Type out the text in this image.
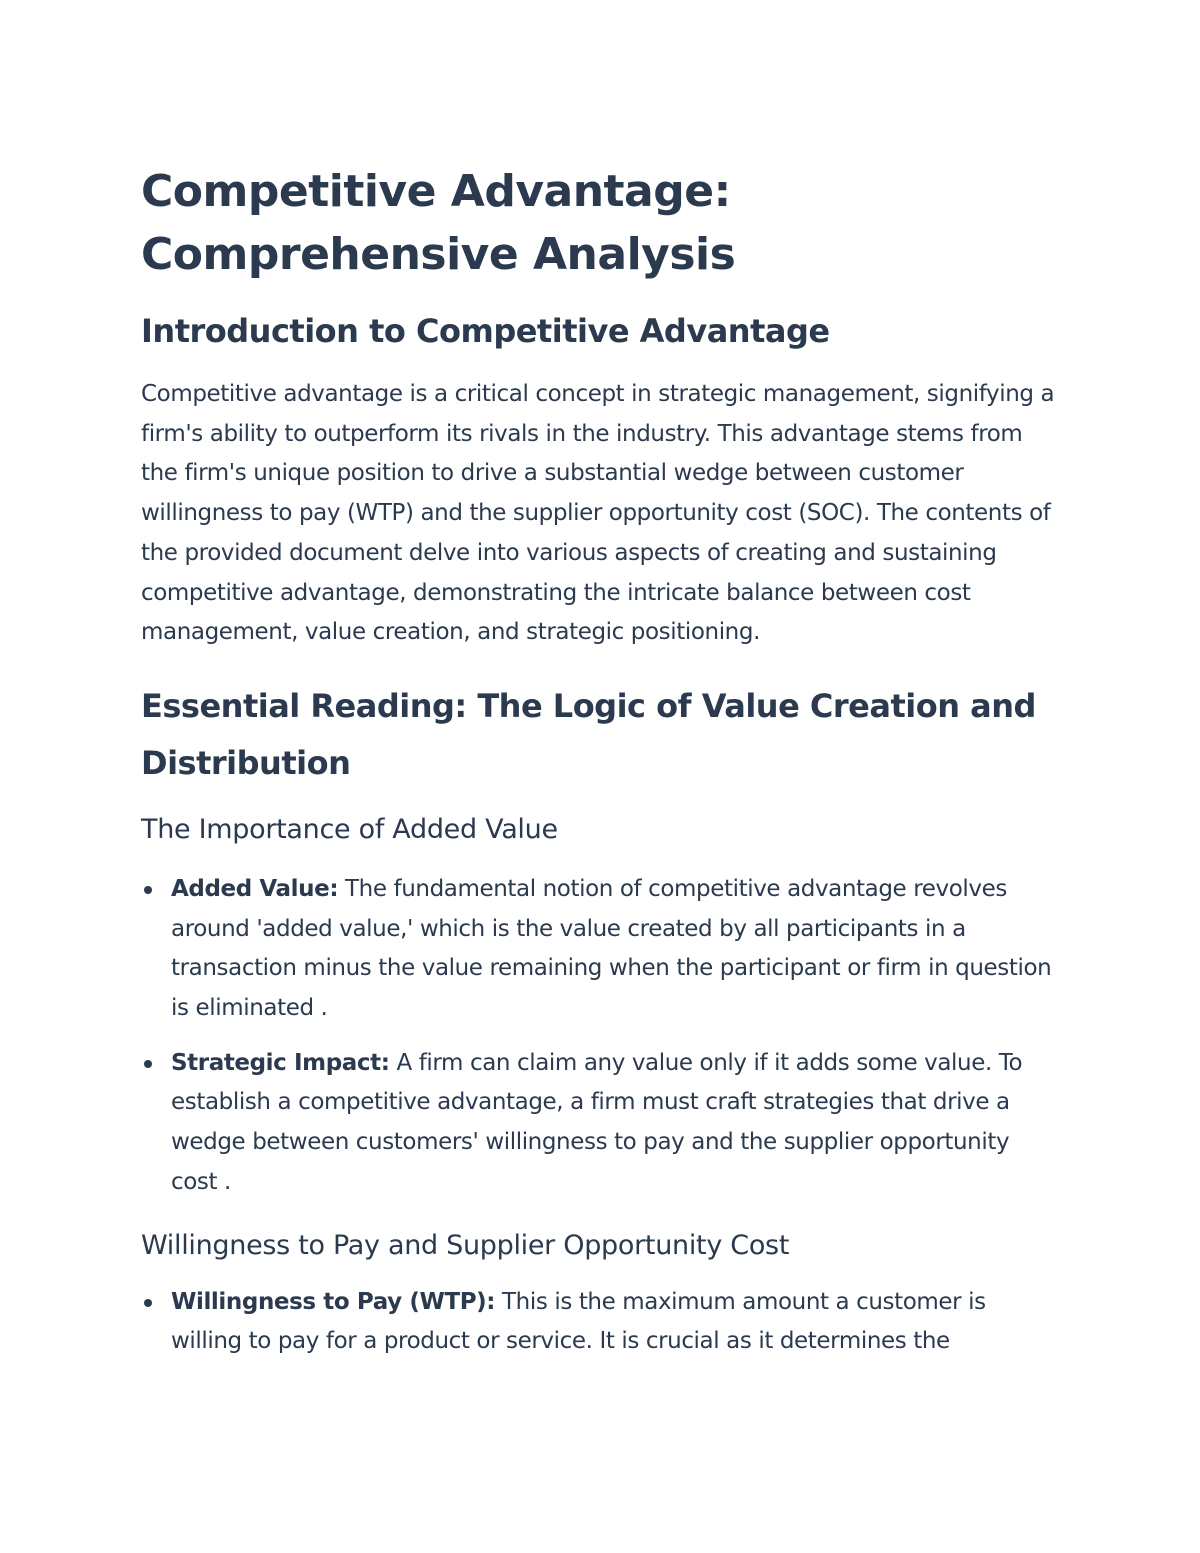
Competitive Advantage:
Comprehensive Analysis
Introduction to Competitive Advantage

Competitive advantage is a critical concept in strategic management, signifying a firm's ability to outperform its rivals in the industry. This advantage stems from the firm's unique position to drive a substantial wedge between customer willingness to pay (WTP) and the supplier opportunity cost (SOC). The contents of the provided document delve into various aspects of creating and sustaining competitive advantage, demonstrating the intricate balance between cost management, value creation, and strategic positioning.

Essential Reading: The Logic of Value Creation and Distribution
The Importance of Added Value
Added Value: The fundamental notion of competitive advantage revolves around 'added value,' which is the value created by all participants in a transaction minus the value remaining when the participant or firm in question is eliminated .
Strategic Impact: A firm can claim any value only if it adds some value. To establish a competitive advantage, a firm must craft strategies that drive a wedge between customers' willingness to pay and the supplier opportunity cost .
Willingness to Pay and Supplier Opportunity Cost
Willingness to Pay (WTP): This is the maximum amount a customer is willing to pay for a product or service. It is crucial as it determines the
